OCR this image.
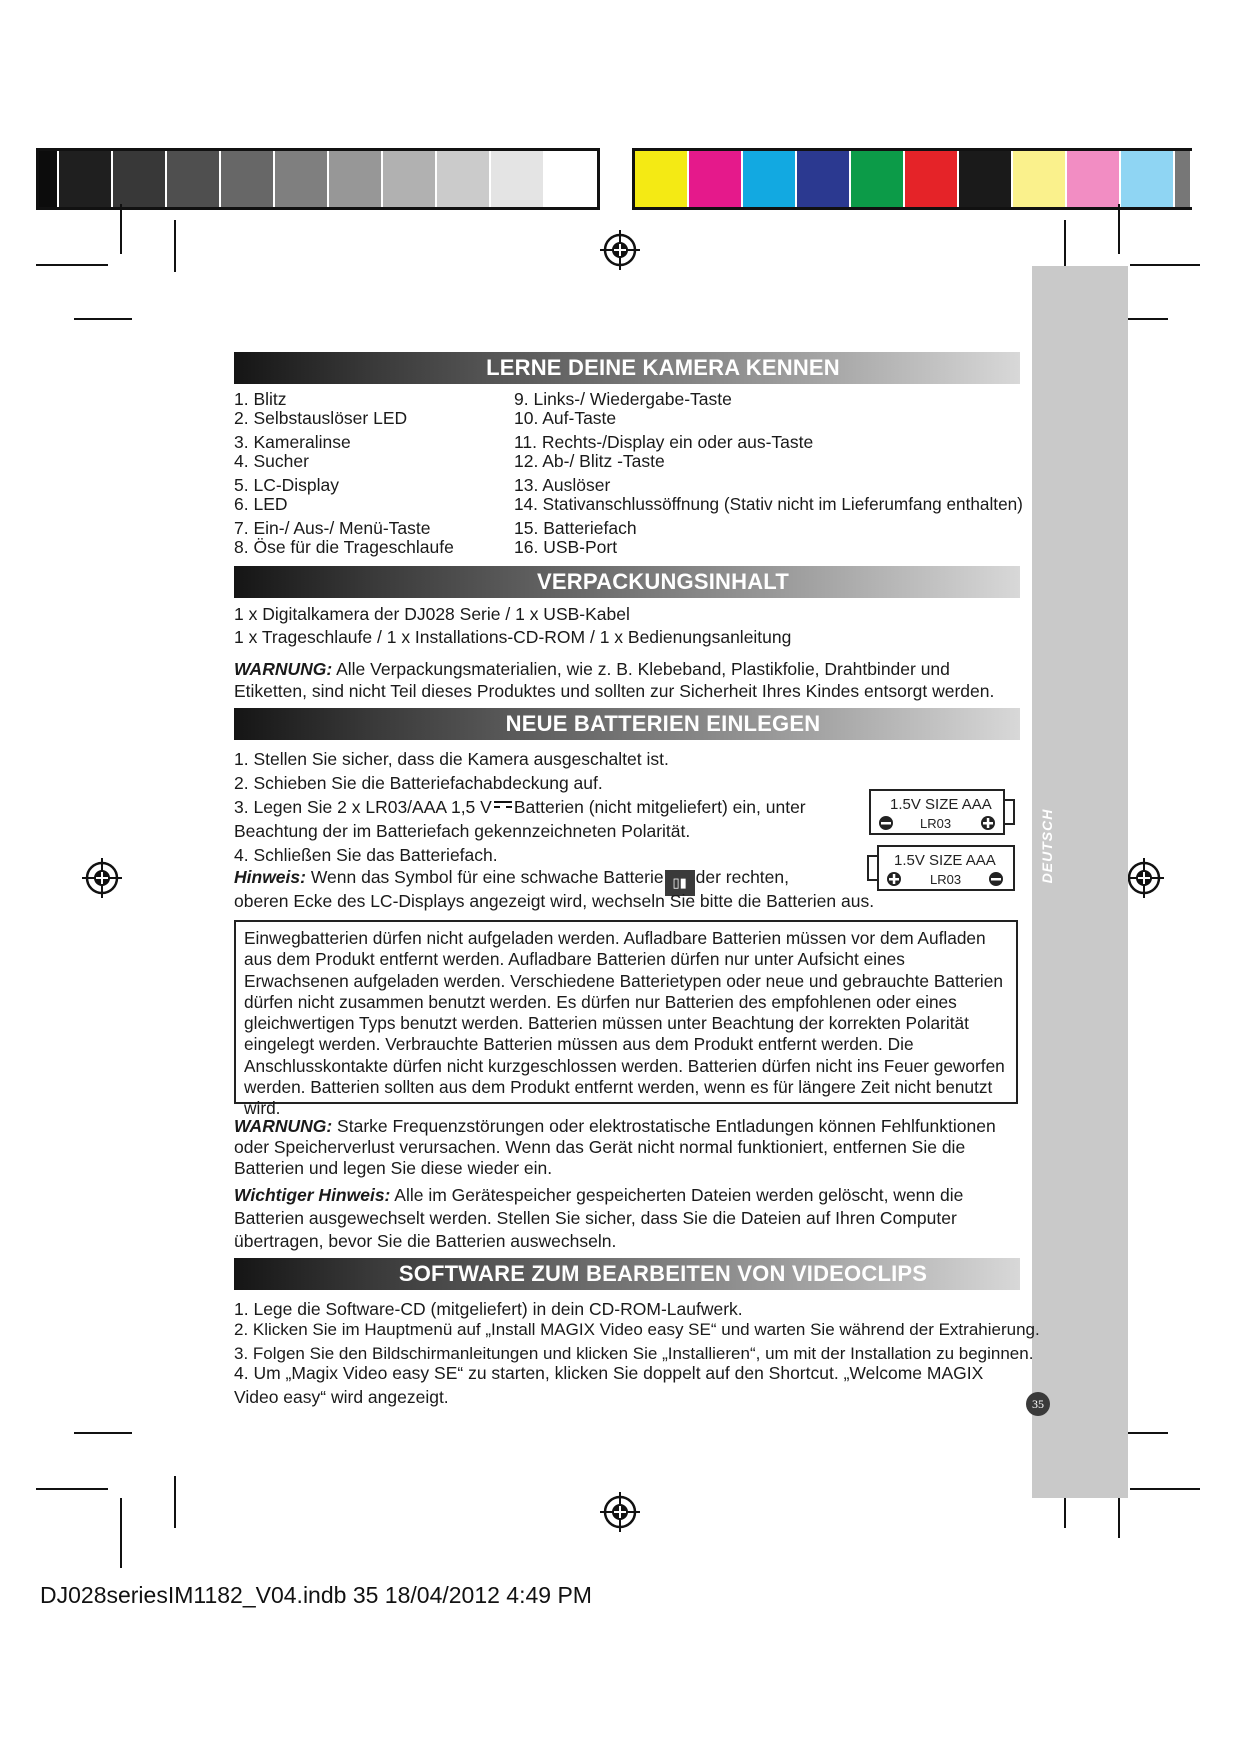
DEUTSCH
LERNE DEINE KAMERA KENNEN
1. Blitz
2. Selbstauslöser LED
3. Kameralinse
4. Sucher
5. LC-Display
6. LED
7. Ein-/ Aus-/ Menü-Taste
8. Öse für die Trageschlaufe
9. Links-/ Wiedergabe-Taste
10. Auf-Taste
11. Rechts-/Display ein oder aus-Taste
12. Ab-/ Blitz -Taste
13. Auslöser
14. Stativanschlussöffnung (Stativ nicht im Lieferumfang enthalten)
15. Batteriefach
16. USB-Port
VERPACKUNGSINHALT
1 x Digitalkamera der DJ028 Serie / 1 x USB-Kabel
1 x Trageschlaufe / 1 x Installations-CD-ROM / 1 x Bedienungsanleitung
WARNUNG: Alle Verpackungsmaterialien, wie z. B. Klebeband, Plastikfolie, Drahtbinder und Etiketten, sind nicht Teil dieses Produktes und sollten zur Sicherheit Ihres Kindes entsorgt werden.
NEUE BATTERIEN EINLEGEN
1. Stellen Sie sicher, dass die Kamera ausgeschaltet ist.
2. Schieben Sie die Batteriefachabdeckung auf.
3. Legen Sie 2 x LR03/AAA 1,5 V Batterien (nicht mitgeliefert) ein, unter
Beachtung der im Batteriefach gekennzeichneten Polarität.
4. Schließen Sie das Batteriefach.
Hinweis: Wenn das Symbol für eine schwache Batterie ▯▮ der rechten,
oberen Ecke des LC-Displays angezeigt wird, wechseln Sie bitte die Batterien aus.
1.5V SIZE AAA
LR03
1.5V SIZE AAA
LR03
Einwegbatterien dürfen nicht aufgeladen werden. Aufladbare Batterien müssen vor dem Aufladen aus dem Produkt entfernt werden. Aufladbare Batterien dürfen nur unter Aufsicht eines Erwachsenen aufgeladen werden. Verschiedene Batterietypen oder neue und gebrauchte Batterien dürfen nicht zusammen benutzt werden. Es dürfen nur Batterien des empfohlenen oder eines gleichwertigen Typs benutzt werden. Batterien müssen unter Beachtung der korrekten Polarität eingelegt werden. Verbrauchte Batterien müssen aus dem Produkt entfernt werden. Die Anschlusskontakte dürfen nicht kurzgeschlossen werden. Batterien dürfen nicht ins Feuer geworfen werden. Batterien sollten aus dem Produkt entfernt werden, wenn es für längere Zeit nicht benutzt wird.
WARNUNG: Starke Frequenzstörungen oder elektrostatische Entladungen können Fehlfunktionen oder Speicherverlust verursachen. Wenn das Gerät nicht normal funktioniert, entfernen Sie die Batterien und legen Sie diese wieder ein.
Wichtiger Hinweis: Alle im Gerätespeicher gespeicherten Dateien werden gelöscht, wenn die Batterien ausgewechselt werden. Stellen Sie sicher, dass Sie die Dateien auf Ihren Computer übertragen, bevor Sie die Batterien auswechseln.
SOFTWARE ZUM BEARBEITEN VON VIDEOCLIPS
1. Lege die Software-CD (mitgeliefert) in dein CD-ROM-Laufwerk.
2. Klicken Sie im Hauptmenü auf „Install MAGIX Video easy SE“ und warten Sie während der Extrahierung.
3. Folgen Sie den Bildschirmanleitungen und klicken Sie „Installieren“, um mit der Installation zu beginnen.
4. Um „Magix Video easy SE“ zu starten, klicken Sie doppelt auf den Shortcut. „Welcome MAGIX
Video easy“ wird angezeigt.	35
DJ028seriesIM1182_V04.indb 35 18/04/2012 4:49 PM
